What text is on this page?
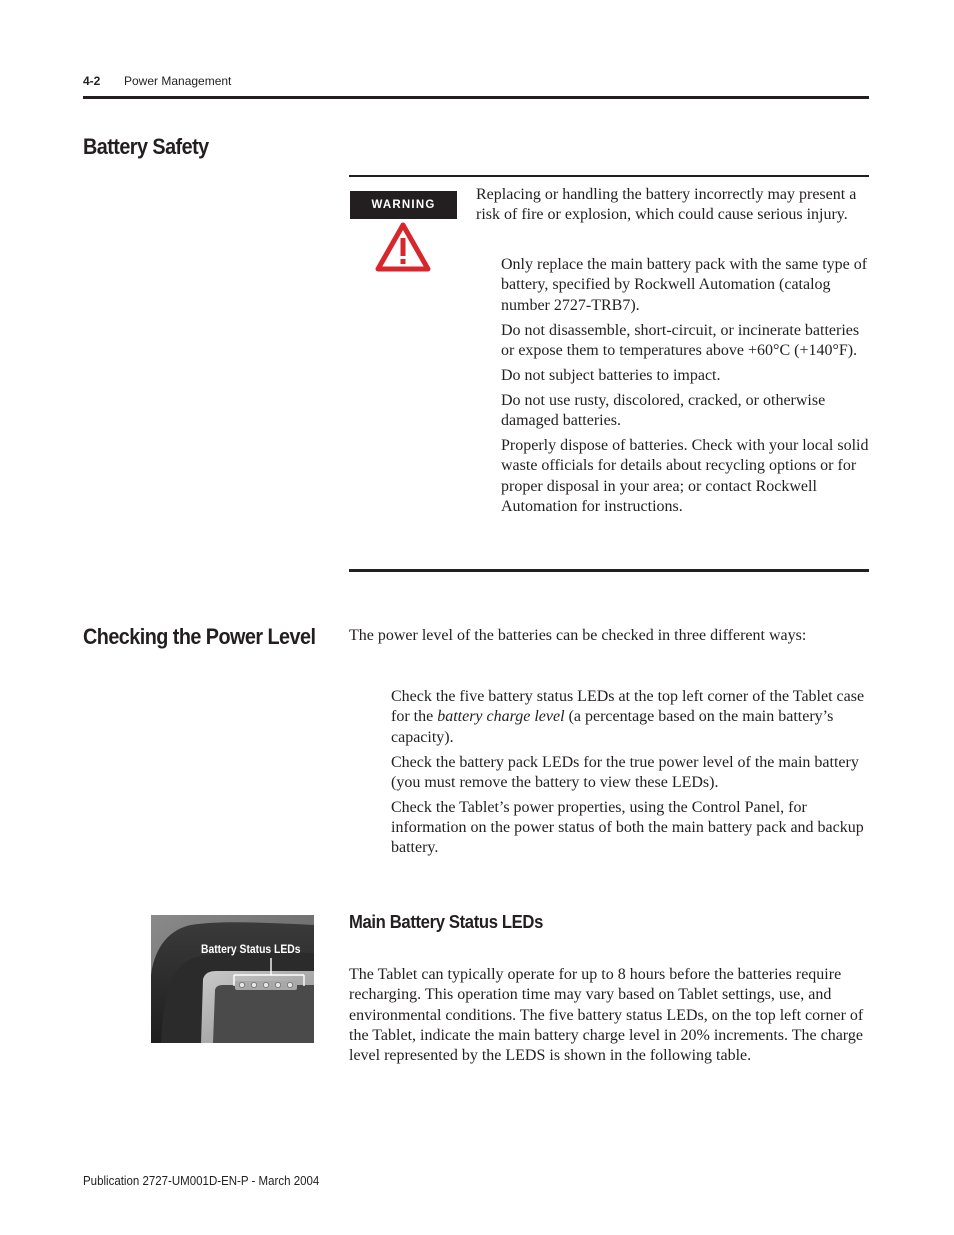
4-2 Power Management
Battery Safety
WARNING
Replacing or handling the battery incorrectly may present a risk of fire or explosion, which could cause serious injury.

Only replace the main battery pack with the same type of battery, specified by Rockwell Automation (catalog number 2727-TRB7).

Do not disassemble, short-circuit, or incinerate batteries or expose them to temperatures above +60°C (+140°F).

Do not subject batteries to impact.

Do not use rusty, discolored, cracked, or otherwise damaged batteries.

Properly dispose of batteries. Check with your local solid waste officials for details about recycling options or for proper disposal in your area; or contact Rockwell Automation for instructions.

Checking the Power Level The power level of the batteries can be checked in three different ways:

Check the five battery status LEDs at the top left corner of the Tablet case for the battery charge level (a percentage based on the main battery’s capacity).

Check the battery pack LEDs for the true power level of the main battery (you must remove the battery to view these LEDs).

Check the Tablet’s power properties, using the Control Panel, for information on the power status of both the main battery pack and backup battery.

Battery Status LEDs
Main Battery Status LEDs
The Tablet can typically operate for up to 8 hours before the batteries require recharging. This operation time may vary based on Tablet settings, use, and environmental conditions. The five battery status LEDs, on the top left corner of the Tablet, indicate the main battery charge level in 20% increments. The charge level represented by the LEDS is shown in the following table.
Publication 2727-UM001D-EN-P - March 2004
